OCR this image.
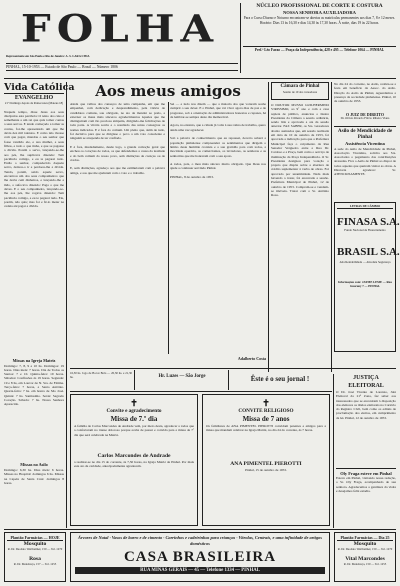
FOLHA
Representante em São Paulo e Rio de Janeiro: A. S. LARA LTDA
PINHAL, 15-10-1953 — Estado de São Paulo — Brasil — Número 1806
NÚCLEO PROFISSIONAL DE CORTE E COSTURA
NOSSA SENHORA AUXILIADORA
Para o Curso Diurno e Noturno encontram-se abertas as matrículas permanentes aos dias 7, 8 e 12 meses. Horário: Dias 13 às 16,30 e dias 14,30 às 17,30 horas. À noite, dias 19 às 22 horas.
Pref.ª Léo Farao — Praça da Independência, 428 e 495 — Telefone 1064 — PINHAL
Vida Católica
EVANGELHO
21º Domingo depois de Pentecostes (Mateus 18)
Naquele tempo, disse Jesus aos seus discípulos esta parábola: O reino dos céus é semelhante a um rei que quis tomar contas a seus servos. E tendo começado a tomar as contas, foi-lhe apresentado um que lhe devia dez mil talentos. E como não tivesse com que pagar, mandou o seu senhor que fosse vendido ele, e sua mulher, e seus filhos, e tudo o que tinha, e que se pagasse a dívida. Porém o servo, lançando-se-lhe aos pés, lhe suplicava dizendo: Tem paciência comigo, e eu te pagarei tudo. Então o senhor, compadecido daquele servo, deixou-o ir e perdoou-lhe a dívida. Tendo, porém, saído aquele servo, encontrou um dos seus companheiros que lhe devia cem dinheiros, e lançando-lhe a mão, o sufocava dizendo: Paga o que me deves. E o seu companheiro, lançando-se-lhe aos pés, lhe rogava dizendo: Tem paciência comigo, e eu te pagarei tudo. Ele, porém, não quis; mas foi e fê-lo meter na cadeia até pagar a dívida.
Missas na Igreja Matriz
Domingo: 7, 8, 9 e 10 hs. Domingos: 19 horas. Dias úteis: 7 horas. Dia de Todos os Santos: 7 e 10. Quinta-feira: 19 horas. Sábados: Confissões às 19 horas. Segunda: 19 e 8 hs, em Louvor de N. Sra. de Fátima. Terça-feira: 7 horas, a Santo Antônio. Quarta-feira: 7 hs. em honra de São José. Quinta: 7 hs. Santíssimo. Sexta: Sagrado Coração. Sábado: 7 hs. Nossa Senhora Aparecida.
Missas no Asilo
Domingo: 6,30 hs. Dias úteis: 6 horas. Missas no Hospital: domingos 6 hs. Missas na Capela de Santa Cruz: domingos 8 horas.
Aos meus amigos
Ainda que velhos dos cansaços de uma campanha, em que me empenhei, com dedicação e desprendimento, pela vitória de candidatos comuns, sou obrigado, no ato de mandar ao prelo, a externar os meus mais sinceros agradecimentos àqueles que me distinguiram com tão preciosa simpatia, dirigindo-me felicitações de toda parte. A vitória sorriu e o resultado das urnas consagrou os nomes indicados. E é fora do comum. Um pleito que, além de tudo, foi decisivo para que se dirigisse o povo a um voto consciente e ninguém se arrependa de ter confiado.

E é fora, mudadamente, desde logo, a grande comoção geral que encheu os corações de todos, os que defendemos a causa da lealdade e do bem comum do nosso povo, sem distinções de crenças ou de credos.

E, sem distinções, agradeço aos que me estimularam com a palavra amiga, e aos que me ajudaram com o voto e o trabalho.
Sei — e tudo nos dizem — que a maioria dos que votaram soube cumprir o seu dever. E o Pinhal, que vai viver agora dias de paz e de progresso, sob a orientação de administradores honestos e capazes, há de lembrar-se sempre deste dia memorável.

Agora, no entanto, que a cidade já volta à sua rotina de trabalho, quero ainda uma vez agradecer.

Sob a palavra de conhecimento que eu repousei, decerto saberá a população pinhalense compreender os sentimentos que dirigem o ânimo deste humilde cronista e a sua gratidão para com todos, a mocidade operária, os comerciantes, os lavradores, as senhoras e as senhoritas que me honraram com o seu apoio.

A todos, pois, o meu mais sincero muito obrigado. Que Deus nos ajude a continuar servindo Pinhal.

PINHAL, 8 de outubro de 1953.
Adalberto Costa
Câmara de Pinhal
Sessão de 10 dos vereadores
O DOUTOR MUSSO GUILHERMINO VIRISSIMO, ao 9º ano e com a casa repleta de público, anunciou o ilustre Presidente da Câmara a sessão ordinária, sendo lida e aprovada a ata da sessão anterior. FAZ SABER, os Srs. vereadores abaixo assinados que, em sessão realizada em data de 10 de outubro de 1953, foi aprovada a indicação para que a Prefeitura Municipal faça o calçamento da Rua Senador Vergueiro entre a Rua Dr. Cardoso e a Praça, bem como o serviço de iluminação da Praça Independência. O Sr. Presidente designou para votação o projeto que dispõe sobre a abertura de crédito suplementar à verba de obras. Foi aprovado por unanimidade. Nada mais havendo a tratar, foi encerrada a sessão. Prefeitura Municipal de Pinhal, 12 de outubro de 1953. Compram-se e vendem-se imóveis. Tratar com o Sr. Antônio Rosa.
No dia 24 do corrente, no Asilo, realiza-se a festa em benefício da Assoc. do Asilo. Direção do Asilo de Pinhal, Aguardamos a presença da sociedade pinhalense. Pinhal, 10 de outubro de 1953.
O JUIZ DE DIREITO
Dr. Otávio Ricardo Flávio Ribeiro Viana
Asilo de Mendicidade de Pinhal
Assistência Vicentina
A sede do Asilo de Mendicidade de Pinhal, Associação Vicentina, solicita aos Srs. Associados o pagamento das contribuições atrasadas. Fica o Asilo de Pinhal ao dispor de todos aqueles que queiram visitar as obras. A Diretoria agradece: Sr. ATENCIOSAMENTE.
LETRAS DE CÂMBIO
FINASA S.A.
Fundo Nacional de Financiamento
BRASIL S.A.
Alta Rentabilidade — Absoluta Segurança
Informações com: JAYME LEME — Rua Guarany 7 — PINHAL
16,30 hs. Jogo de Bocce Bola — 20,30 hs. e 21,30 hs.	Hr. Luzes — São Jorge	Êste é o seu jornal !
✝
Convite e agradecimento
Missa de 7.º dia
A família de Carlos Marcondes de Andrade vem, por meio desta, agradecer a todos que a confortaram no transe doloroso porque acaba de passar e convida para a missa de 7º dia que será celebrada na Matriz.
Carlos Marcondes de Andrade
a realizar-se no dia 15 do corrente, às 7,30 horas, na Igreja Matriz de Pinhal. Por mais este ato de caridade, antecipadamente agradecem.
✝
CONVITE RELIGIOSO
Missa de 7 anos
Os familiares de ANA PIMENTEL PIEROTTI convidam parentes e amigos para a missa que mandam celebrar na Igreja Matriz, no dia 24 do corrente, às 7 horas.
ANA PIMENTEL PIEROTTI
Pinhal, 15 de outubro de 1953.
JUSTIÇA ELEITORAL
O Dr. José Vicente de Lorenzo, Juiz Eleitoral da 21ª Zona, faz saber aos interessados que se encontram à disposição dos eleitores os títulos eleitorais no Cartório do Registro Civil, bem como os editais de proclamação dos eleitos, em cumprimento da lei. Pinhal, 12 de outubro de 1953.
Oly Fraga esteve em Pinhal
Esteve em Pinhal, visitando nossa redação, o Sr. Oly Fraga, acompanhado de sua senhora. Agradecemos a gentileza da visita e desejamos feliz estadia.
Plantão Farmácias — HOJE
Mosquito
R. Dr. Deodato Wertheimer, 150 — Tel. 1270
Rosa
R. Dr. Mendonça, 157 — Tel. 1255
Árvores de Natal · Vasos de barro e de cimento · Carrinhos e cadeirinhas para crianças · Vitrolas, Centrais, e uma infinidade de artigos domésticos
CASA BRASILEIRA
RUA MINAS GERAIS — 45 — Telefone 1334 — PINHAL
Plantão Farmácias — Dia 25
Mosquito
R. Dr. Deodato Wertheimer, 150 — Tel. 1270
Vital Marcondes
R. Dr. Mendonça, 150 — Tel. 1255
